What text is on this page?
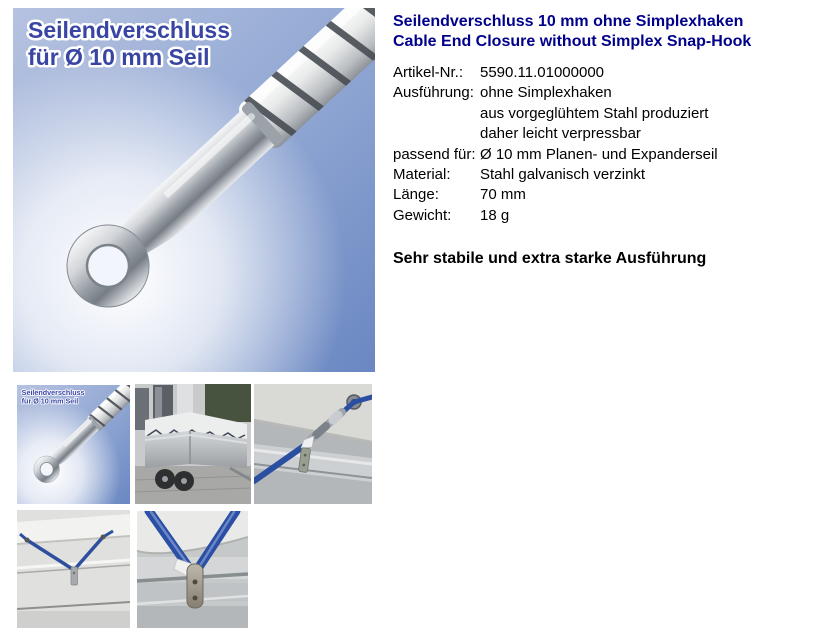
Seilendverschluss
für Ø 10 mm Seil
Seilendverschluss 10 mm ohne Simplexhaken
Cable End Closure without Simplex Snap-Hook
Artikel-Nr.:	5590.11.01000000
Ausführung: ohne Simplexhaken
aus vorgeglühtem Stahl produziert
daher leicht verpressbar
passend für: Ø 10 mm Planen- und Expanderseil
Material:	Stahl galvanisch verzinkt
Länge:	70 mm
Gewicht:	18 g
Sehr stabile und extra starke Ausführung
